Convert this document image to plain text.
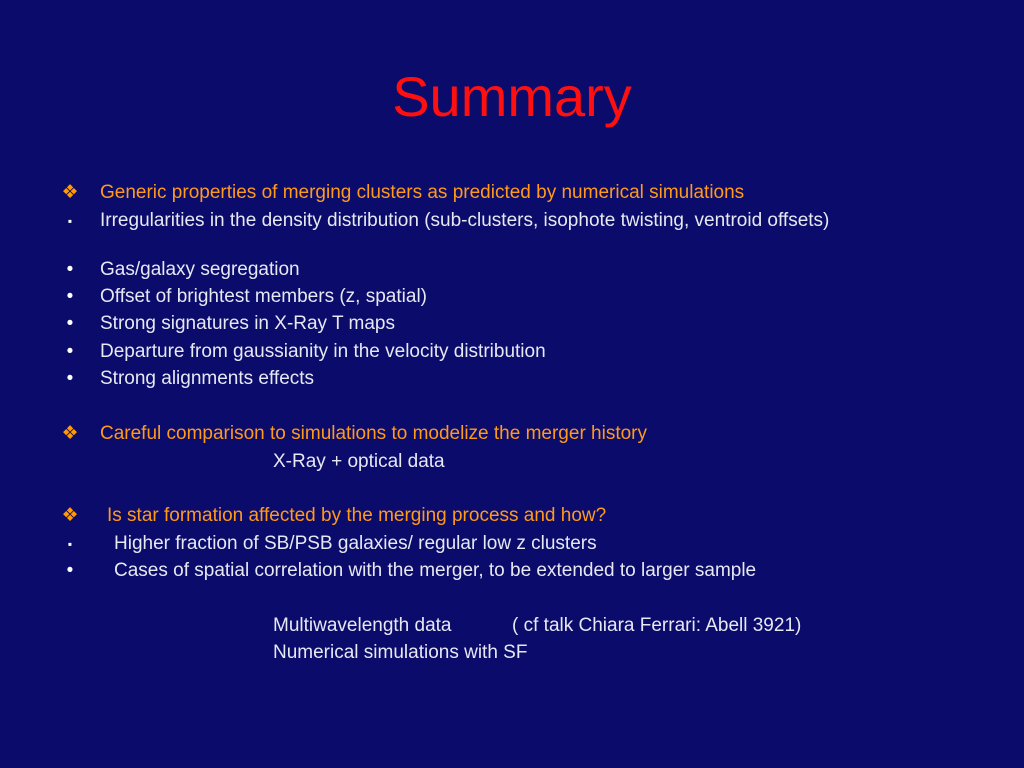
Summary
❖ Generic properties of merging clusters as predicted by numerical simulations
▪	Irregularities in the density distribution (sub-clusters, isophote twisting, ventroid offsets)
•	Gas/galaxy segregation
•	Offset of brightest members (z, spatial)
•	Strong signatures in X-Ray T maps
•	Departure from gaussianity in the velocity distribution
•	Strong alignments effects
❖ Careful comparison to simulations to modelize the merger history
X-Ray + optical data
❖ Is star formation affected by the merging process and how?
▪	Higher fraction of SB/PSB galaxies/ regular low z clusters
•	Cases of spatial correlation with the merger, to be extended to larger sample
Multiwavelength data	( cf talk Chiara Ferrari: Abell 3921)
Numerical simulations with SF
